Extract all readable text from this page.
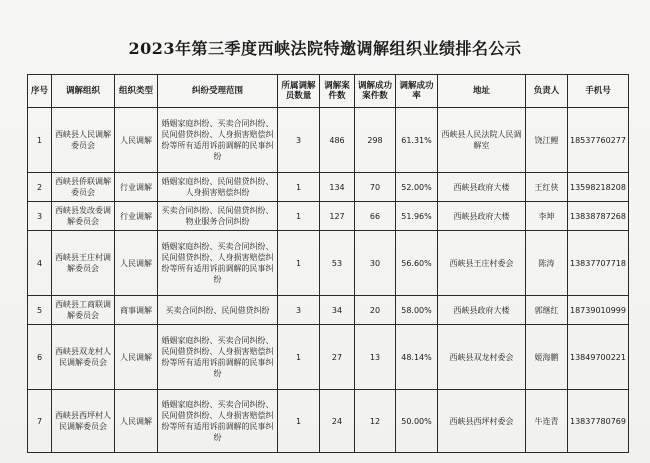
2023年第三季度西峡法院特邀调解组织业绩排名公示
序号	调解组织	组织类型	纠纷受理范围	所属调解员数量	调解案件数	调解成功案件数	调解成功率	地址	负责人	手机号
1	西峡县人民调解委员会	人民调解	婚姻家庭纠纷、买卖合同纠纷、民间借贷纠纷、人身损害赔偿纠纷等所有适用诉前调解的民事纠纷	3	486	298	61.31%	西峡县人民法院人民调解室	饶江鲤	18537760277
2	西峡县侨联调解委员会	行业调解	婚姻家庭纠纷、民间借贷纠纷、人身损害赔偿纠纷	1	134	70	52.00%	西峡县政府大楼	王红侠	13598218208
3	西峡县发改委调解委员会	行业调解	买卖合同纠纷、民间借贷纠纷、物业服务合同纠纷	1	127	66	51.96%	西峡县政府大楼	李坤	13838787268
4	西峡县王庄村调解委员会	人民调解	婚姻家庭纠纷、买卖合同纠纷、民间借贷纠纷、人身损害赔偿纠纷等所有适用诉前调解的民事纠纷	1	53	30	56.60%	西峡县王庄村委会	陈涛	13837707718
5	西峡县工商联调解委员会	商事调解	买卖合同纠纷、民间借贷纠纷	3	34	20	58.00%	西峡县政府大楼	郭继红	18739010999
6	西峡县双龙村人民调解委员会	人民调解	婚姻家庭纠纷、买卖合同纠纷、民间借贷纠纷、人身损害赔偿纠纷等所有适用诉前调解的民事纠纷	1	27	13	48.14%	西峡县双龙村委会	姬海鹏	13849700221
7	西峡县西坪村人民调解委员会	人民调解	婚姻家庭纠纷、买卖合同纠纷、民间借贷纠纷、人身损害赔偿纠纷等所有适用诉前调解的民事纠纷	1	24	12	50.00%	西峡县西坪村委会	牛连青	13837780769
